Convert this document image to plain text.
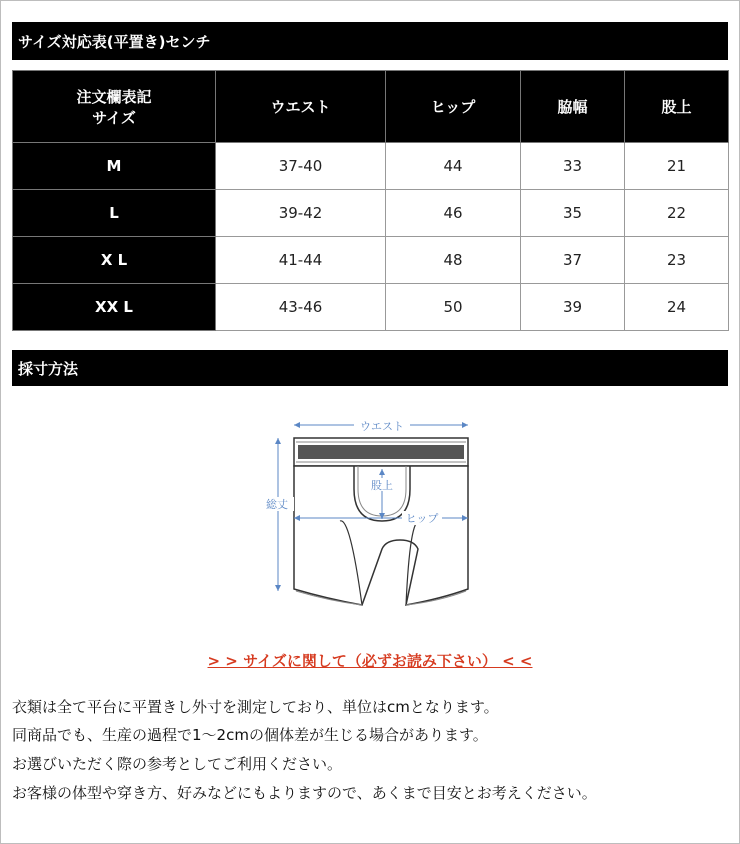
サイズ対応表(平置き)センチ
注文欄表記
サイズ	ウエスト	ヒップ	脇幅	股上
M	37-40	44	33	21
L	39-42	46	35	22
X L	41-44	48	37	23
XX L	43-46	50	39	24
採寸方法
ウエスト
股上
ヒップ
総丈
> > サイズに関して（必ずお読み下さい） < <
衣類は全て平台に平置きし外寸を測定しており、単位はcmとなります。
同商品でも、生産の過程で1～2cmの個体差が生じる場合があります。
お選びいただく際の参考としてご利用ください。
お客様の体型や穿き方、好みなどにもよりますので、あくまで目安とお考えください。
